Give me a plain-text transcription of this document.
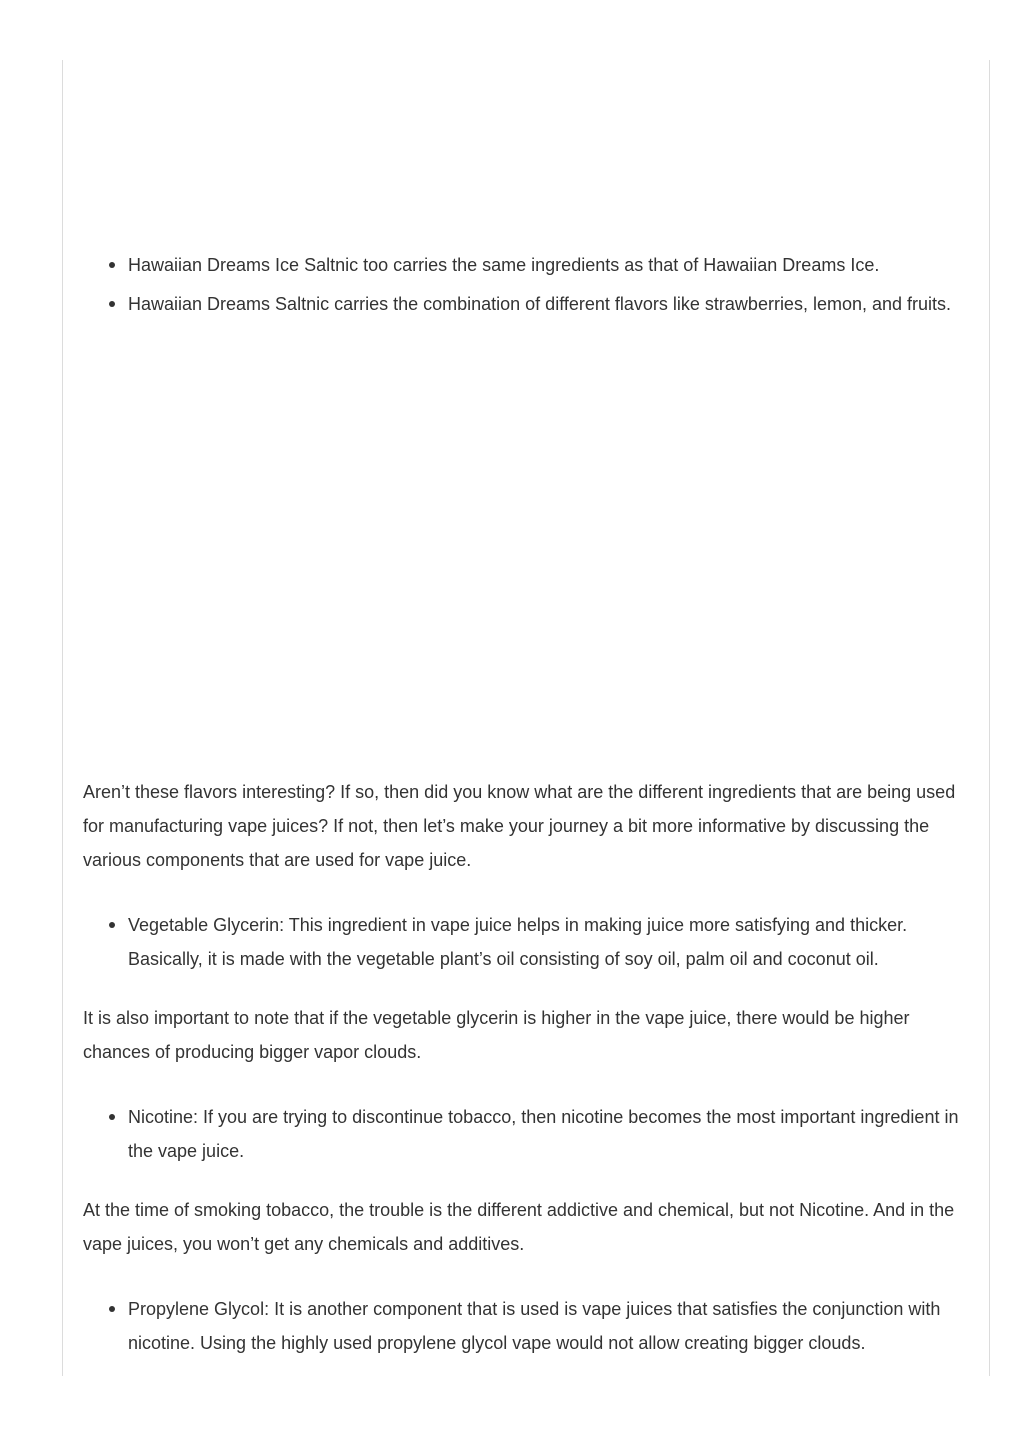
Hawaiian Dreams Ice Saltnic too carries the same ingredients as that of Hawaiian Dreams Ice.
Hawaiian Dreams Saltnic carries the combination of different flavors like strawberries, lemon, and fruits.

Aren’t these flavors interesting? If so, then did you know what are the different ingredients that are being used for manufacturing vape juices? If not, then let’s make your journey a bit more informative by discussing the various components that are used for vape juice.

Vegetable Glycerin: This ingredient in vape juice helps in making juice more satisfying and thicker. Basically, it is made with the vegetable plant’s oil consisting of soy oil, palm oil and coconut oil.

It is also important to note that if the vegetable glycerin is higher in the vape juice, there would be higher chances of producing bigger vapor clouds.

Nicotine: If you are trying to discontinue tobacco, then nicotine becomes the most important ingredient in the vape juice.

At the time of smoking tobacco, the trouble is the different addictive and chemical, but not Nicotine. And in the vape juices, you won’t get any chemicals and additives.

Propylene Glycol: It is another component that is used is vape juices that satisfies the conjunction with nicotine. Using the highly used propylene glycol vape would not allow creating bigger clouds.
